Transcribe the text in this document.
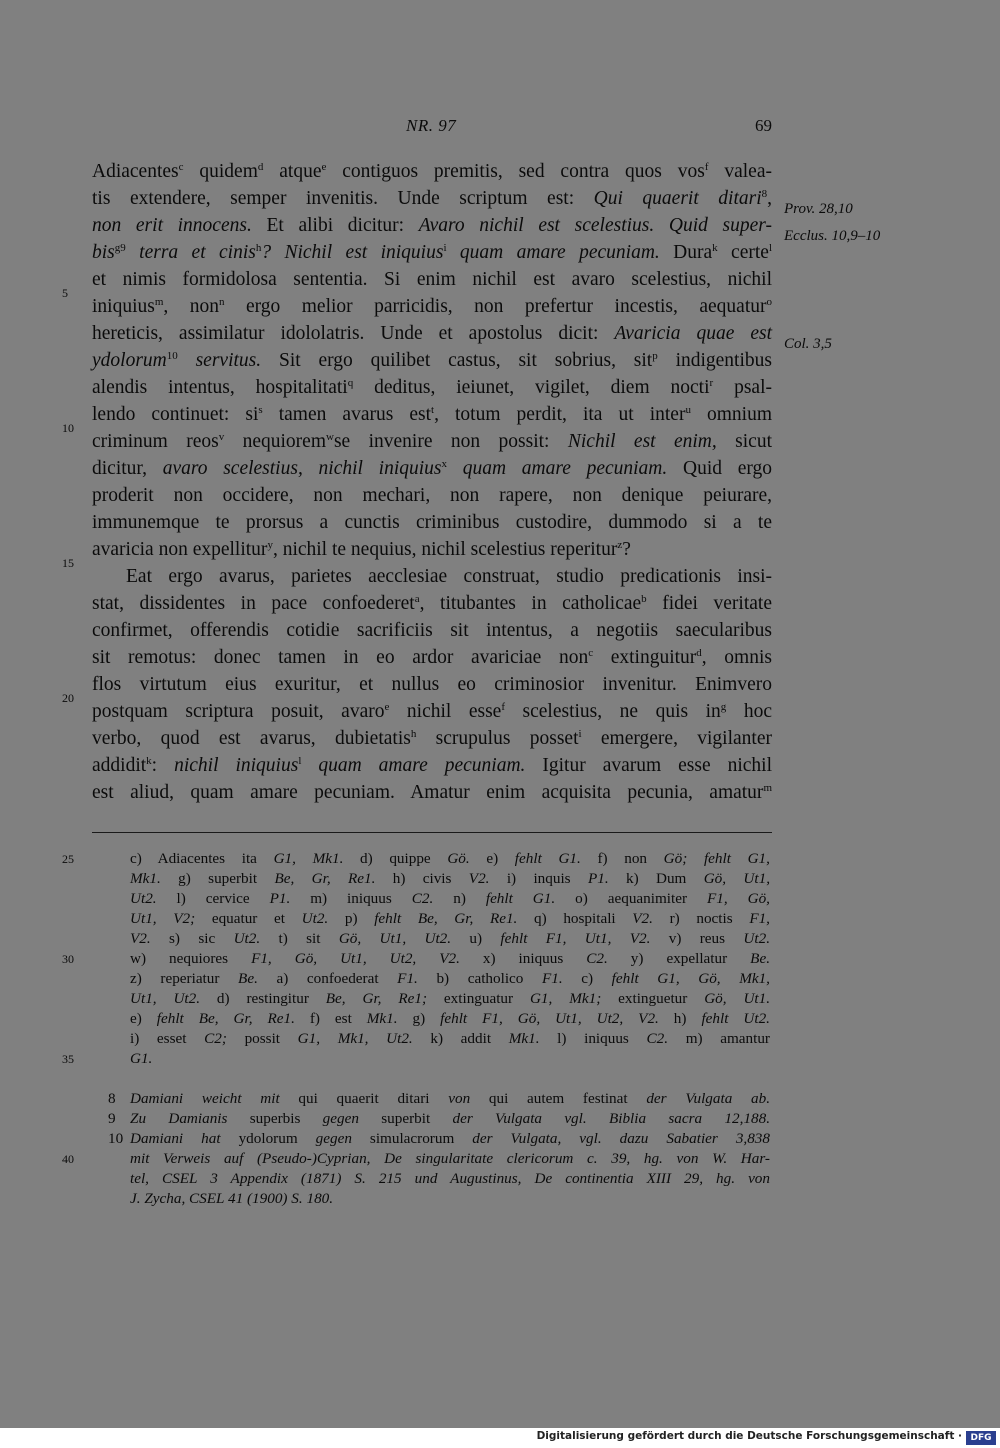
NR. 97	69
Adiacentes$^c$ quidem$^d$ atque$^e$ contiguos premitis, sed contra quos vos$^f$ valea-
tis extendere, semper invenitis. Unde scriptum est: Qui quaerit ditari$^8$,
non erit innocens. Et alibi dicitur: Avaro nichil est scelestius. Quid super-
bis$^{g9}$ terra et cinis$^h$? Nichil est iniquius$^i$ quam amare pecuniam. Dura$^k$ certe$^l$
et nimis formidolosa sententia. Si enim nichil est avaro scelestius, nichil
iniquius$^m$, non$^n$ ergo melior parricidis, non prefertur incestis, aequatur$^o$
hereticis, assimilatur idololatris. Unde et apostolus dicit: Avaricia quae est
ydolorum$^{10}$ servitus. Sit ergo quilibet castus, sit sobrius, sit$^p$ indigentibus
alendis intentus, hospitalitati$^q$ deditus, ieiunet, vigilet, diem nocti$^r$ psal-
lendo continuet: $si^s$ tamen avarus est$^t$, totum perdit, ita ut inter$^u$ omnium
criminum reos$^v$ nequiorem$^w$se invenire non possit: Nichil est enim, sicut
dicitur, avaro scelestius, nichil iniquius$^x$ quam amare pecuniam. Quid ergo
proderit non occidere, non mechari, non rapere, non denique peiurare,
immunemque te prorsus a cunctis criminibus custodire, dummodo si a te
avaricia non expellitur$^y$, nichil te nequius, nichil scelestius reperitur$^z$?
Eat ergo avarus, parietes aecclesiae construat, studio predicationis insi-
stat, dissidentes in pace confoederet$^a$, titubantes in catholicae$^b$ fidei veritate
confirmet, offerendis cotidie sacrificiis sit intentus, a negotiis saecularibus
sit remotus: donec tamen in eo ardor avariciae non$^c$ extinguitur$^d$, omnis
flos virtutum eius exuritur, et nullus eo criminosior invenitur. Enimvero
postquam scriptura posuit, avaro$^e$ nichil esse$^f$ scelestius, ne quis $in^g$ hoc
verbo, quod est avarus, dubietatis$^h$ scrupulus posset$^i$ emergere, vigilanter
addidit$^k$: nichil iniquius$^l$ quam amare pecuniam. Igitur avarum esse nichil
est aliud, quam amare pecuniam. Amatur enim acquisita pecunia, amatur$^m$
5
10
15
20
Prov. 28,10
Ecclus. 10,9–10
Col. 3,5
c) Adiacentes ita G1, Mk1. d) quippe Gö. e) fehlt G1. f) non Gö; fehlt G1,
Mk1. g) superbit Be, Gr, Re1. h) civis V2. i) inquis P1. k) Dum Gö, Ut1,
Ut2. l) cervice P1. m) iniquus C2. n) fehlt G1. o) aequanimiter F1, Gö,
Ut1, V2; equatur et Ut2. p) fehlt Be, Gr, Re1. q) hospitali V2. r) noctis F1,
V2. s) sic Ut2. t) sit Gö, Ut1, Ut2. u) fehlt F1, Ut1, V2. v) reus Ut2.
w) nequiores F1, Gö, Ut1, Ut2, V2. x) iniquus C2. y) expellatur Be.
z) reperiatur Be. a) confoederat F1. b) catholico F1. c) fehlt G1, Gö, Mk1,
Ut1, Ut2. d) restingitur Be, Gr, Re1; extinguatur G1, Mk1; extinguetur Gö, Ut1.
e) fehlt Be, Gr, Re1. f) est Mk1. g) fehlt F1, Gö, Ut1, Ut2, V2. h) fehlt Ut2.
i) esset C2; possit G1, Mk1, Ut2. k) addit Mk1. l) iniquus C2. m) amantur
G1.
25
30
35
40
8 Damiani weicht mit qui quaerit ditari von qui autem festinat der Vulgata ab.
9 Zu Damianis superbis gegen superbit der Vulgata vgl. Biblia sacra 12,188.
10 Damiani hat ydolorum gegen simulacrorum der Vulgata, vgl. dazu Sabatier 3,838
mit Verweis auf (Pseudo-)Cyprian, De singularitate clericorum c. 39, hg. von W. Har-
tel, CSEL 3 Appendix (1871) S. 215 und Augustinus, De continentia XIII 29, hg. von
J. Zycha, CSEL 41 (1900) S. 180.
Digitalisierung gefördert durch die Deutsche Forschungsgemeinschaft · DFG
